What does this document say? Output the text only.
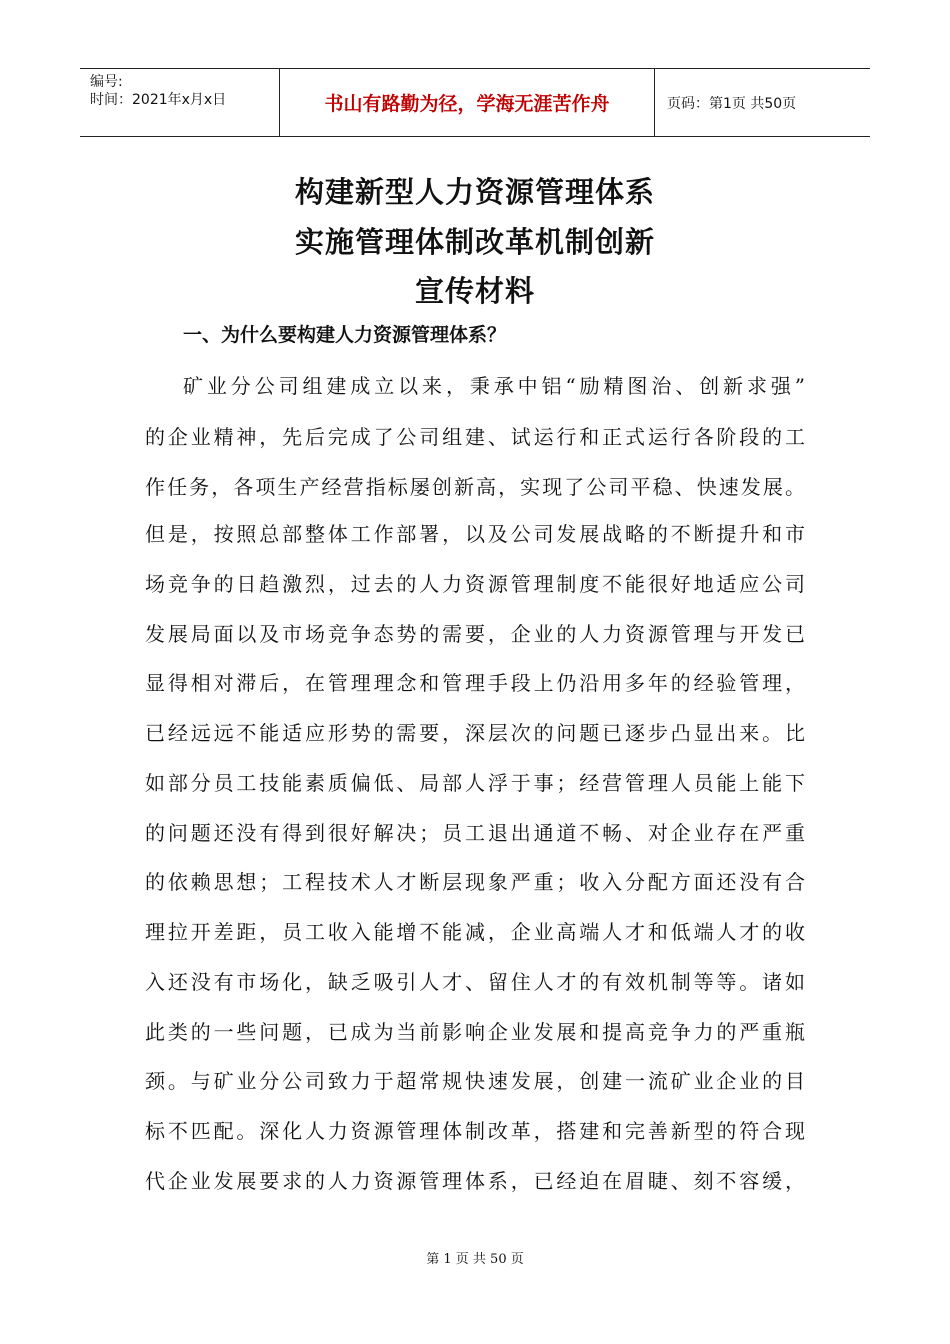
编号:
时间：2021年x月x日	书山有路勤为径，学海无涯苦作舟	页码：第1页 共50页
构建新型人力资源管理体系
实施管理体制改革机制创新
宣传材料
一、为什么要构建人力资源管理体系？
矿业分公司组建成立以来，秉承中铝“励精图治、创新求强”
的企业精神，先后完成了公司组建、试运行和正式运行各阶段的工
作任务，各项生产经营指标屡创新高，实现了公司平稳、快速发展。
但是，按照总部整体工作部署，以及公司发展战略的不断提升和市
场竞争的日趋激烈，过去的人力资源管理制度不能很好地适应公司
发展局面以及市场竞争态势的需要，企业的人力资源管理与开发已
显得相对滞后，在管理理念和管理手段上仍沿用多年的经验管理，
已经远远不能适应形势的需要，深层次的问题已逐步凸显出来。比
如部分员工技能素质偏低、局部人浮于事；经营管理人员能上能下
的问题还没有得到很好解决；员工退出通道不畅、对企业存在严重
的依赖思想；工程技术人才断层现象严重；收入分配方面还没有合
理拉开差距，员工收入能增不能减，企业高端人才和低端人才的收
入还没有市场化，缺乏吸引人才、留住人才的有效机制等等。诸如
此类的一些问题，已成为当前影响企业发展和提高竞争力的严重瓶
颈。与矿业分公司致力于超常规快速发展，创建一流矿业企业的目
标不匹配。深化人力资源管理体制改革，搭建和完善新型的符合现
代企业发展要求的人力资源管理体系，已经迫在眉睫、刻不容缓，
第 1 页 共 50 页
